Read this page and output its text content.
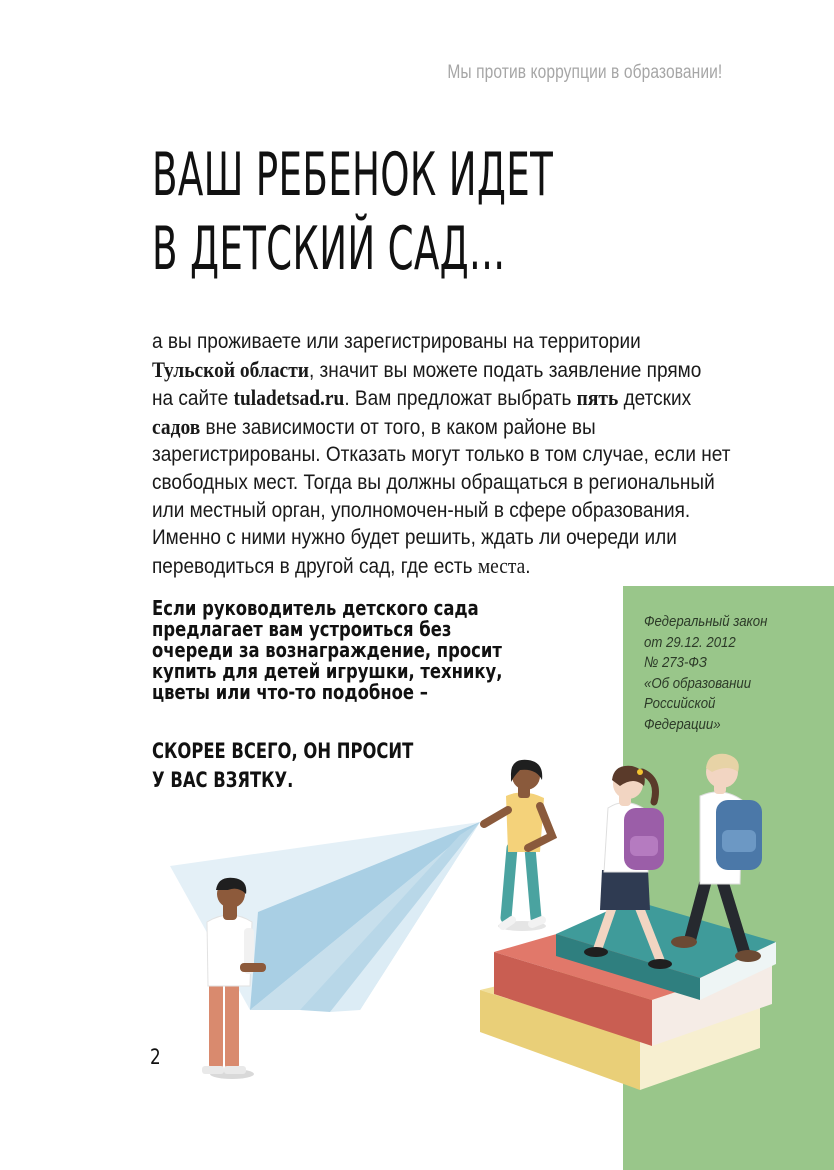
Мы против коррупции в образовании!
ВАШ РЕБЕНОК ИДЕТ
В ДЕТСКИЙ САД...
а вы проживаете или зарегистрированы на территории
Тульской области, значит вы можете подать заявление прямо
на сайте tuladetsad.ru. Вам предложат выбрать пять детских
садов вне зависимости от того, в каком районе вы
зарегистрированы. Отказать могут только в том случае, если нет
свободных мест. Тогда вы должны обращаться в региональный
или местный орган, уполномочен-ный в сфере образования.
Именно с ними нужно будет решить, ждать ли очереди или
переводиться в другой сад, где есть места.
Если руководитель детского сада
предлагает вам устроиться без
очереди за вознаграждение, просит
купить для детей игрушки, технику,
цветы или что-то подобное –
СКОРЕЕ ВСЕГО, ОН ПРОСИТ
У ВАС ВЗЯТКУ.
Федеральный закон
от 29.12. 2012
№ 273-ФЗ
«Об образовании
Российской
Федерации»
2
